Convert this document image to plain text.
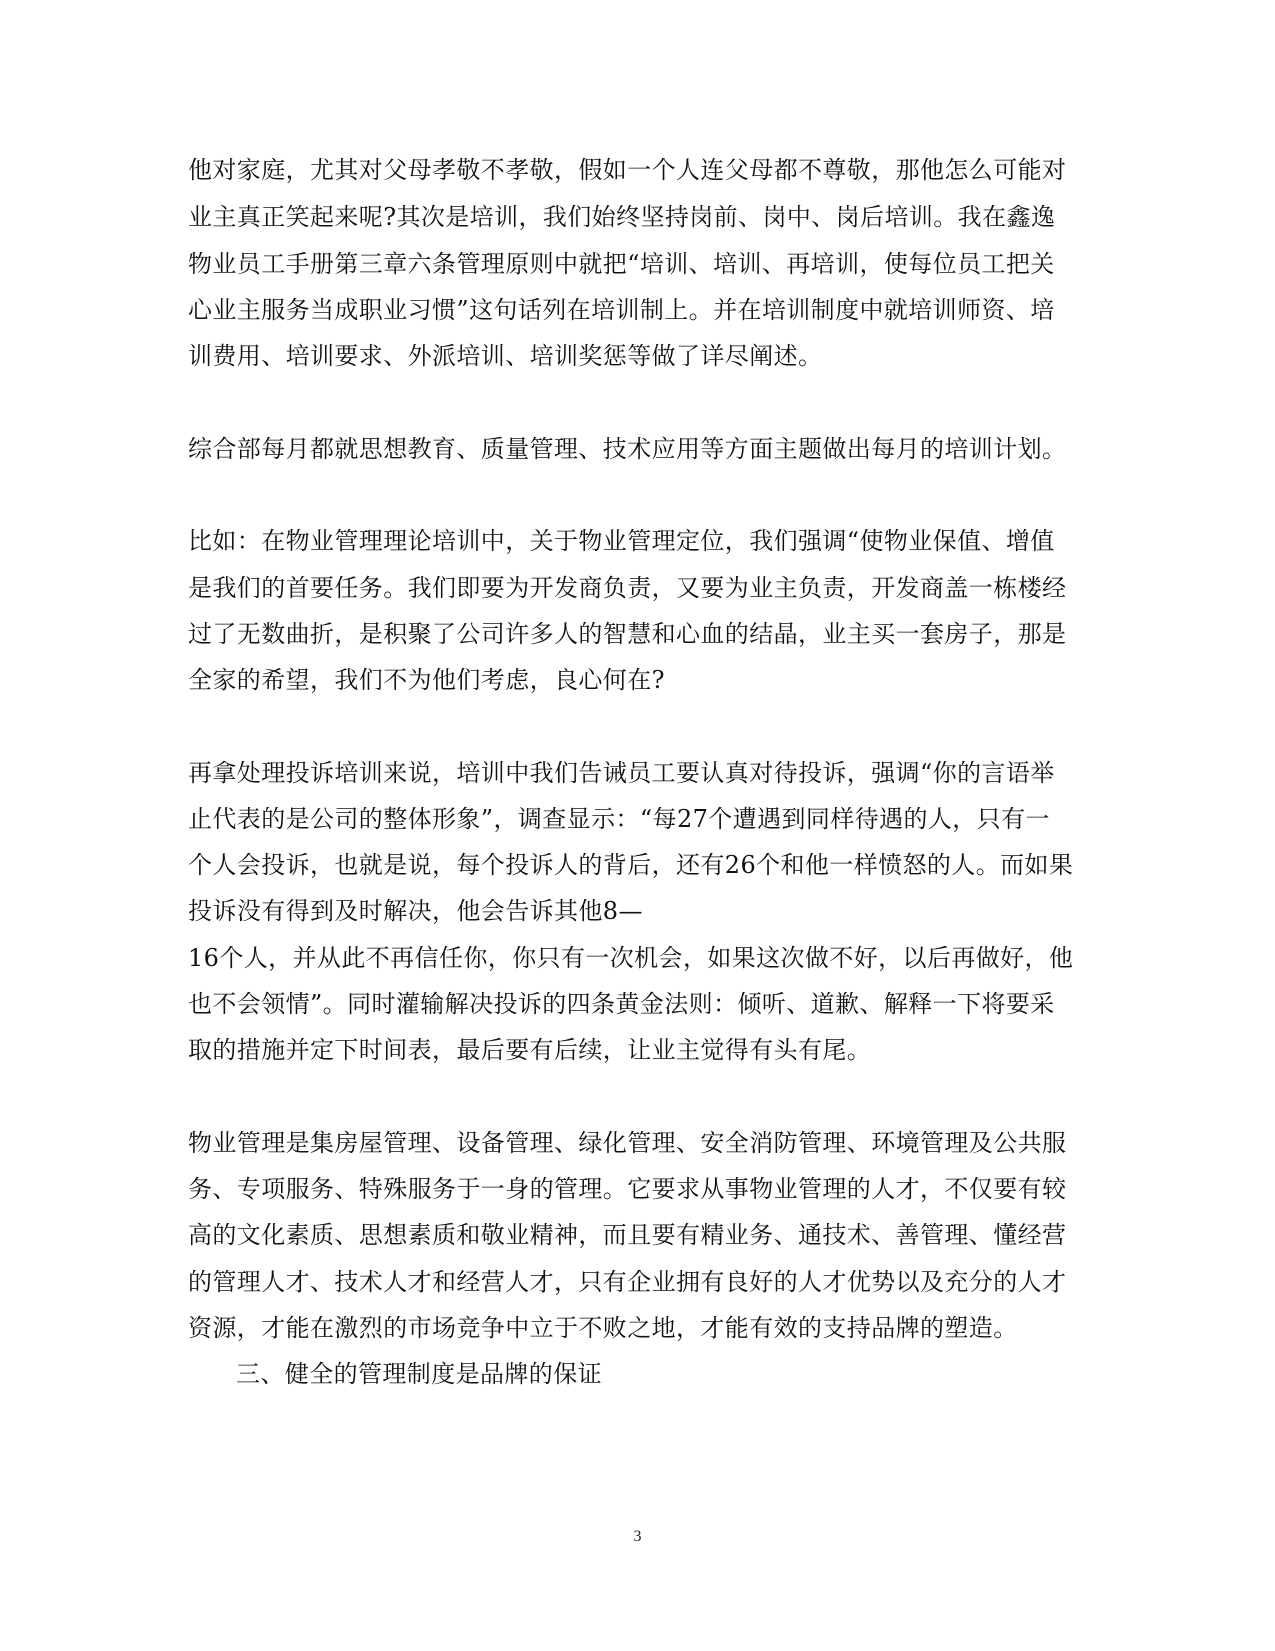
他对家庭，尤其对父母孝敬不孝敬，假如一个人连父母都不尊敬，那他怎么可能对
业主真正笑起来呢?其次是培训，我们始终坚持岗前、岗中、岗后培训。我在鑫逸
物业员工手册第三章六条管理原则中就把“培训、培训、再培训，使每位员工把关
心业主服务当成职业习惯”这句话列在培训制上。并在培训制度中就培训师资、培
训费用、培训要求、外派培训、培训奖惩等做了详尽阐述。
综合部每月都就思想教育、质量管理、技术应用等方面主题做出每月的培训计划。
比如：在物业管理理论培训中，关于物业管理定位，我们强调“使物业保值、增值
是我们的首要任务。我们即要为开发商负责，又要为业主负责，开发商盖一栋楼经
过了无数曲折，是积聚了公司许多人的智慧和心血的结晶，业主买一套房子，那是
全家的希望，我们不为他们考虑，良心何在?
再拿处理投诉培训来说，培训中我们告诫员工要认真对待投诉，强调“你的言语举
止代表的是公司的整体形象”，调查显示：“每27个遭遇到同样待遇的人，只有一
个人会投诉，也就是说，每个投诉人的背后，还有26个和他一样愤怒的人。而如果
投诉没有得到及时解决，他会告诉其他8—
16个人，并从此不再信任你，你只有一次机会，如果这次做不好，以后再做好，他
也不会领情”。同时灌输解决投诉的四条黄金法则：倾听、道歉、解释一下将要采
取的措施并定下时间表，最后要有后续，让业主觉得有头有尾。
物业管理是集房屋管理、设备管理、绿化管理、安全消防管理、环境管理及公共服
务、专项服务、特殊服务于一身的管理。它要求从事物业管理的人才，不仅要有较
高的文化素质、思想素质和敬业精神，而且要有精业务、通技术、善管理、懂经营
的管理人才、技术人才和经营人才，只有企业拥有良好的人才优势以及充分的人才
资源，才能在激烈的市场竞争中立于不败之地，才能有效的支持品牌的塑造。
三、健全的管理制度是品牌的保证
3
